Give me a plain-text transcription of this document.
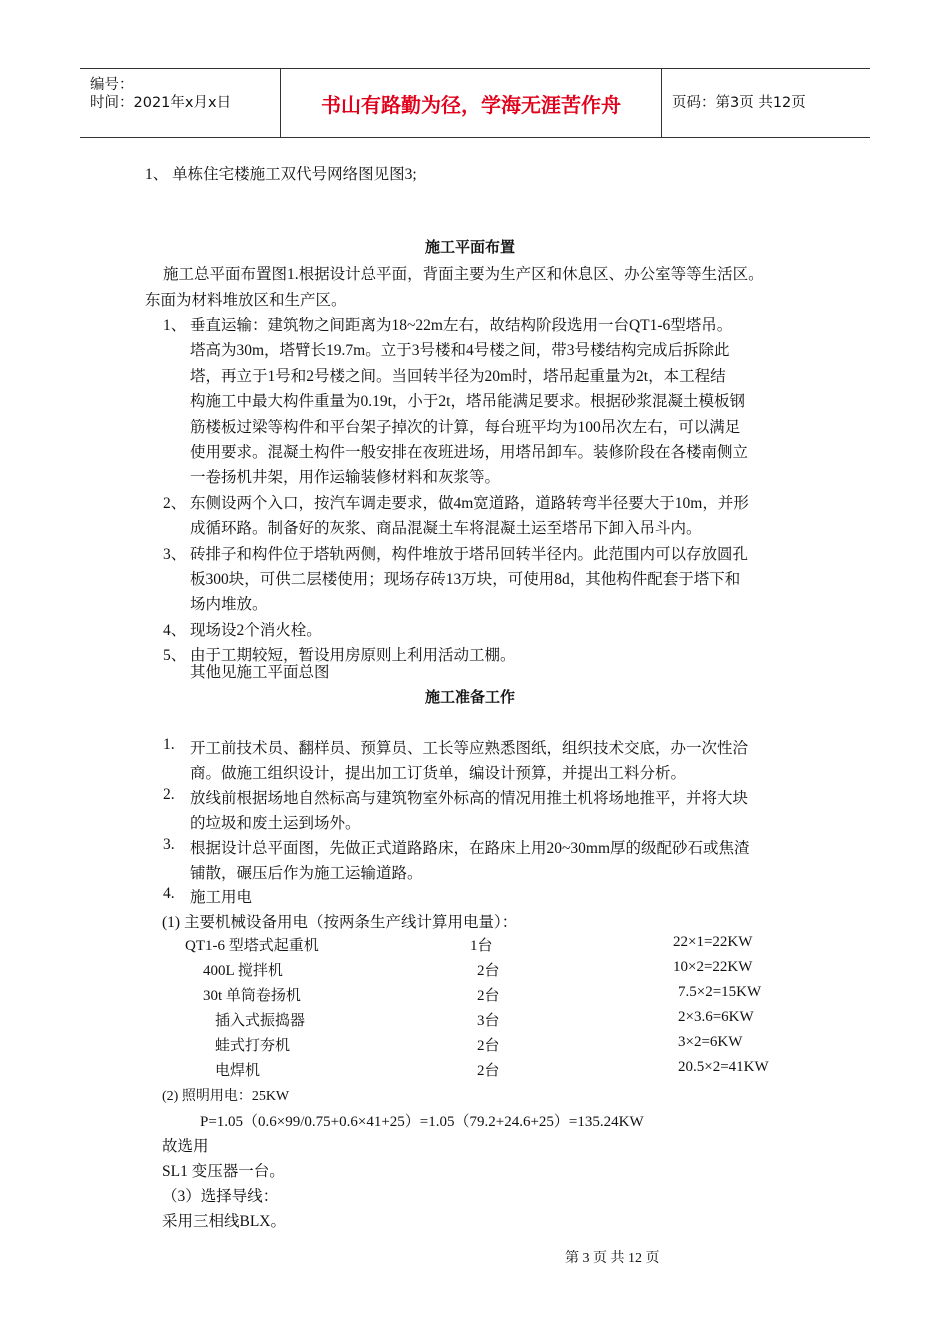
编号：
时间：2021年x月x日	书山有路勤为径，学海无涯苦作舟	页码：第3页 共12页
1、 单栋住宅楼施工双代号网络图见图3;
施工平面布置
施工总平面布置图1.根据设计总平面，背面主要为生产区和休息区、办公室等等生活区。
东面为材料堆放区和生产区。
1、 垂直运输：建筑物之间距离为18~22m左右，故结构阶段选用一台QT1-6型塔吊。
塔高为30m，塔臂长19.7m。立于3号楼和4号楼之间，带3号楼结构完成后拆除此
塔，再立于1号和2号楼之间。当回转半径为20m时，塔吊起重量为2t，本工程结
构施工中最大构件重量为0.19t，小于2t，塔吊能满足要求。根据砂浆混凝土模板钢
筋楼板过梁等构件和平台架子掉次的计算，每台班平均为100吊次左右，可以满足
使用要求。混凝土构件一般安排在夜班进场，用塔吊卸车。装修阶段在各楼南侧立
一卷扬机井架，用作运输装修材料和灰浆等。
2、 东侧设两个入口，按汽车调走要求，做4m宽道路，道路转弯半径要大于10m，并形
成循环路。制备好的灰浆、商品混凝土车将混凝土运至塔吊下卸入吊斗内。
3、 砖排子和构件位于塔轨两侧，构件堆放于塔吊回转半径内。此范围内可以存放圆孔
板300块，可供二层楼使用；现场存砖13万块，可使用8d，其他构件配套于塔下和
场内堆放。
4、 现场设2个消火栓。
5、 由于工期较短，暂设用房原则上利用活动工棚。
其他见施工平面总图
施工准备工作
1. 开工前技术员、翻样员、预算员、工长等应熟悉图纸，组织技术交底，办一次性洽
商。做施工组织设计，提出加工订货单，编设计预算，并提出工料分析。
2. 放线前根据场地自然标高与建筑物室外标高的情况用推土机将场地推平，并将大块
的垃圾和废土运到场外。
3. 根据设计总平面图，先做正式道路路床，在路床上用20~30mm厚的级配砂石或焦渣
铺散，碾压后作为施工运输道路。
4. 施工用电
(1) 主要机械设备用电（按两条生产线计算用电量）：
QT1-6 型塔式起重机	1台	22×1=22KW
400L 搅拌机	2台	10×2=22KW
30t 单筒卷扬机	2台	7.5×2=15KW
插入式振捣器	3台	2×3.6=6KW
蛙式打夯机	2台	3×2=6KW
电焊机	2台	20.5×2=41KW
(2) 照明用电：25KW
P=1.05（0.6×99/0.75+0.6×41+25）=1.05（79.2+24.6+25）=135.24KW
故选用
SL1 变压器一台。
（3）选择导线：
采用三相线BLX。
第 3 页 共 12 页
